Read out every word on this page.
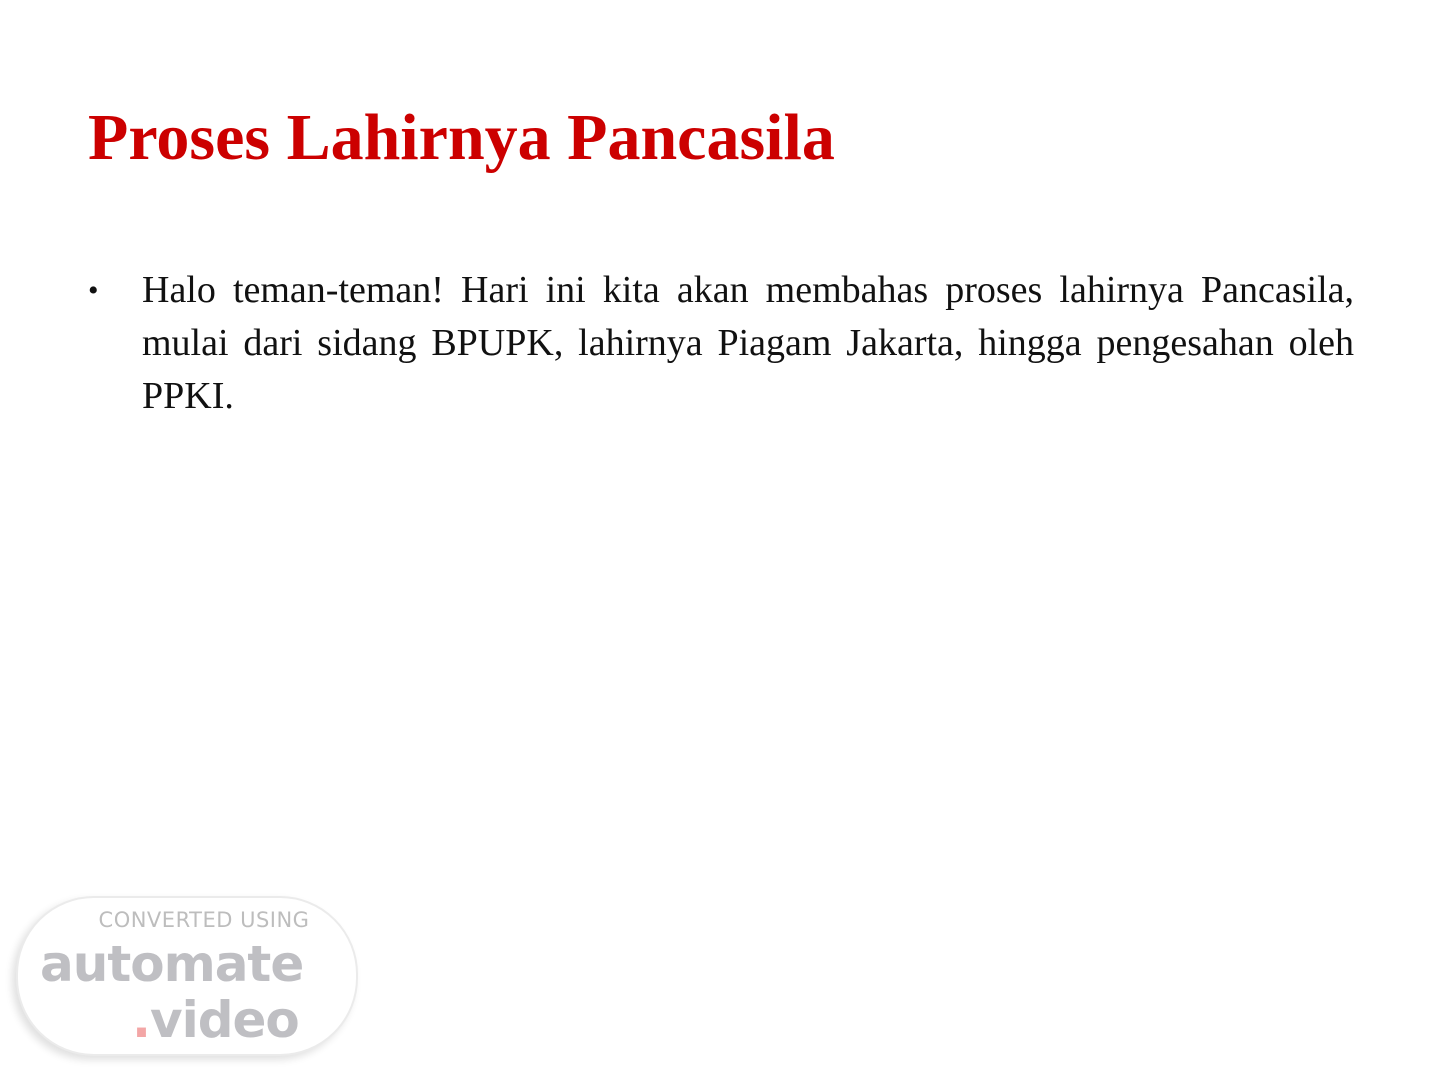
Proses Lahirnya Pancasila
• Halo teman-teman! Hari ini kita akan membahas proses lahirnya Pancasila, mulai dari sidang BPUPK, lahirnya Piagam Jakarta, hingga pengesahan oleh PPKI.
CONVERTED USING
automate
.video
